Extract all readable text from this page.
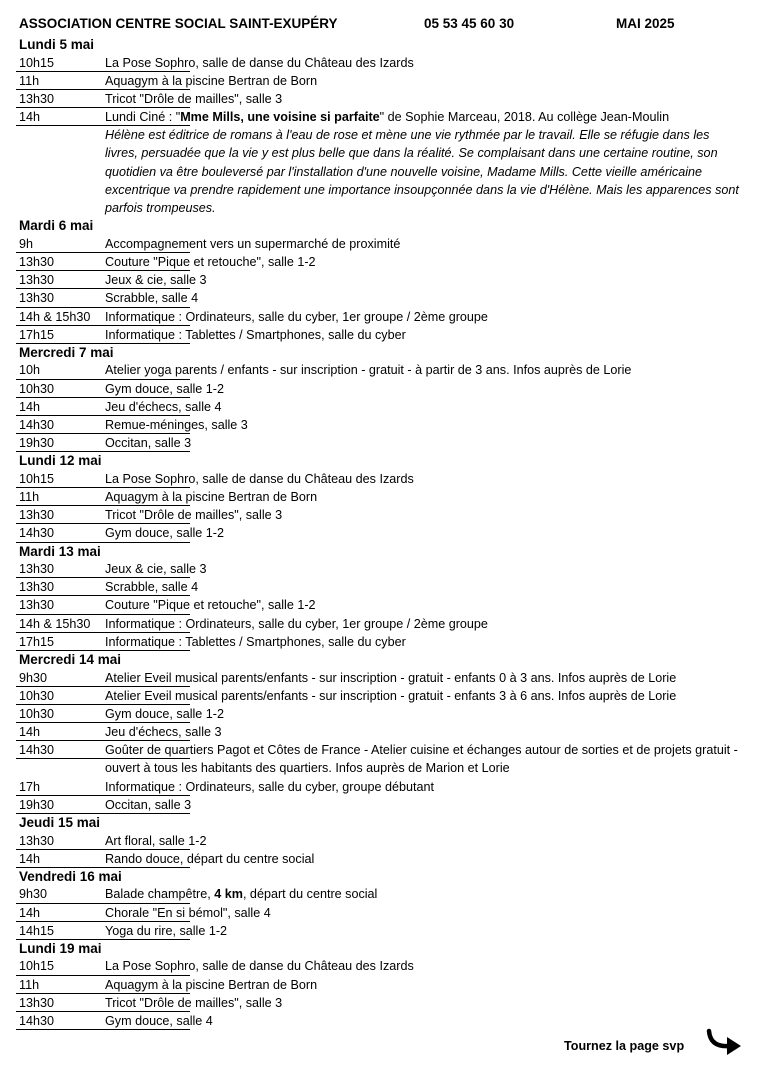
ASSOCIATION CENTRE SOCIAL SAINT-EXUPÉRY	05 53 45 60 30	MAI 2025
Lundi 5 mai
10h15	La Pose Sophro, salle de danse du Château des Izards
11h	Aquagym à la piscine Bertran de Born
13h30	Tricot "Drôle de mailles", salle 3
14h	Lundi Ciné : "Mme Mills, une voisine si parfaite" de Sophie Marceau, 2018. Au collège Jean-Moulin
Hélène est éditrice de romans à l'eau de rose et mène une vie rythmée par le travail. Elle se réfugie dans les livres, persuadée que la vie y est plus belle que dans la réalité. Se complaisant dans une certaine routine, son quotidien va être bouleversé par l'installation d'une nouvelle voisine, Madame Mills. Cette vieille américaine excentrique va prendre rapidement une importance insoupçonnée dans la vie d'Hélène. Mais les apparences sont parfois trompeuses.
Mardi 6 mai
9h	Accompagnement vers un supermarché de proximité
13h30	Couture "Pique et retouche", salle 1-2
13h30	Jeux & cie, salle 3
13h30	Scrabble, salle 4
14h & 15h30 Informatique : Ordinateurs, salle du cyber, 1er groupe / 2ème groupe
17h15	Informatique : Tablettes / Smartphones, salle du cyber
Mercredi 7 mai
10h	Atelier yoga parents / enfants - sur inscription - gratuit - à partir de 3 ans. Infos auprès de Lorie
10h30	Gym douce, salle 1-2
14h	Jeu d'échecs, salle 4
14h30	Remue-méninges, salle 3
19h30	Occitan, salle 3
Lundi 12 mai
10h15	La Pose Sophro, salle de danse du Château des Izards
11h	Aquagym à la piscine Bertran de Born
13h30	Tricot "Drôle de mailles", salle 3
14h30	Gym douce, salle 1-2
Mardi 13 mai
13h30	Jeux & cie, salle 3
13h30	Scrabble, salle 4
13h30	Couture "Pique et retouche", salle 1-2
14h & 15h30 Informatique : Ordinateurs, salle du cyber, 1er groupe / 2ème groupe
17h15	Informatique : Tablettes / Smartphones, salle du cyber
Mercredi 14 mai
9h30	Atelier Eveil musical parents/enfants - sur inscription - gratuit - enfants 0 à 3 ans. Infos auprès de Lorie
10h30	Atelier Eveil musical parents/enfants - sur inscription - gratuit - enfants 3 à 6 ans. Infos auprès de Lorie
10h30	Gym douce, salle 1-2
14h	Jeu d'échecs, salle 3
14h30	Goûter de quartiers Pagot et Côtes de France - Atelier cuisine et échanges autour de sorties et de projets gratuit - ouvert à tous les habitants des quartiers. Infos auprès de Marion et Lorie
17h	Informatique : Ordinateurs, salle du cyber, groupe débutant
19h30	Occitan, salle 3
Jeudi 15 mai
13h30	Art floral, salle 1-2
14h	Rando douce, départ du centre social
Vendredi 16 mai
9h30	Balade champêtre, 4 km, départ du centre social
14h	Chorale "En si bémol", salle 4
14h15	Yoga du rire, salle 1-2
Lundi 19 mai
10h15	La Pose Sophro, salle de danse du Château des Izards
11h	Aquagym à la piscine Bertran de Born
13h30	Tricot "Drôle de mailles", salle 3
14h30	Gym douce, salle 4
Tournez la page svp
